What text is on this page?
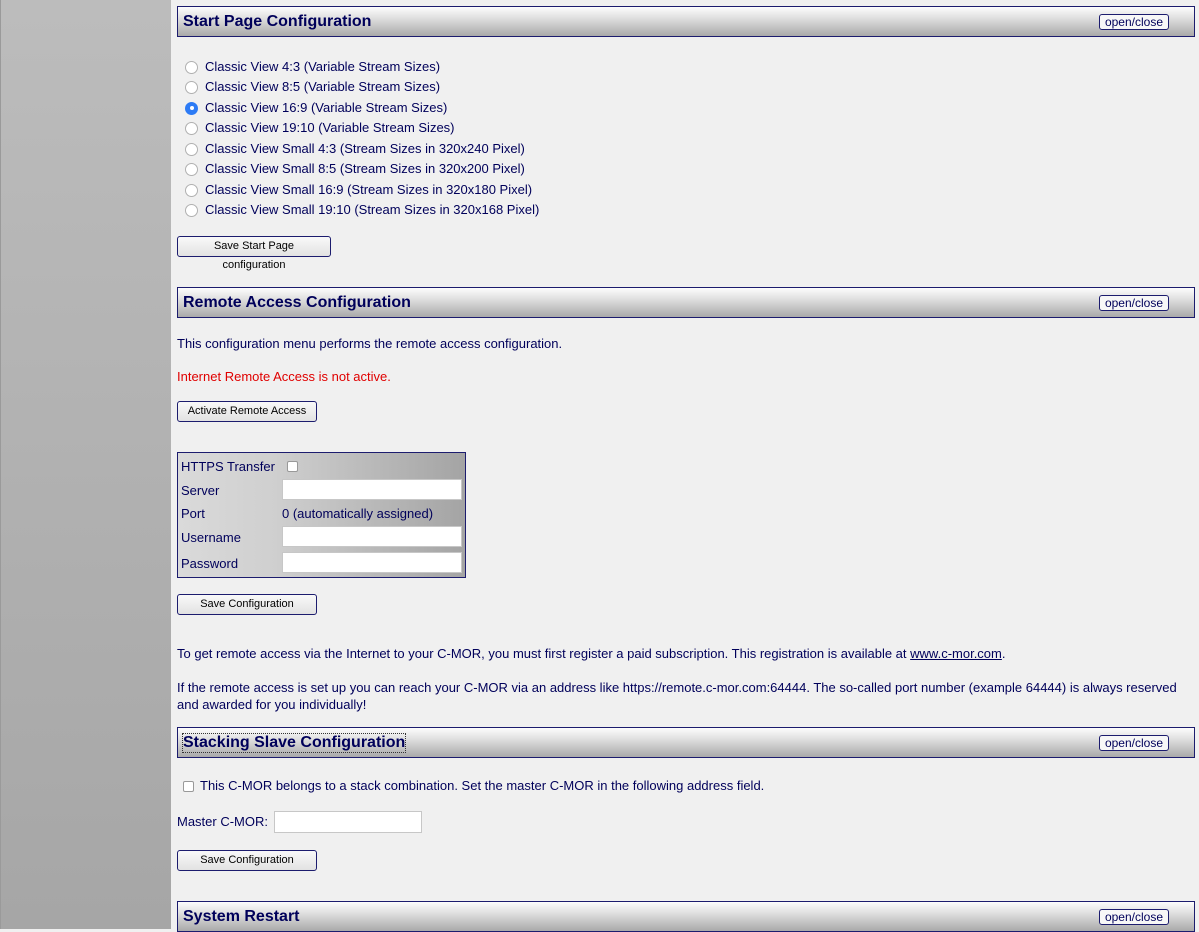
Start Page Configuration	open/close
Classic View 4:3 (Variable Stream Sizes)
Classic View 8:5 (Variable Stream Sizes)
Classic View 16:9 (Variable Stream Sizes)
Classic View 19:10 (Variable Stream Sizes)
Classic View Small 4:3 (Stream Sizes in 320x240 Pixel)
Classic View Small 8:5 (Stream Sizes in 320x200 Pixel)
Classic View Small 16:9 (Stream Sizes in 320x180 Pixel)
Classic View Small 19:10 (Stream Sizes in 320x168 Pixel)
Save Start Page configuration
Remote Access Configuration	open/close
This configuration menu performs the remote access configuration.
Internet Remote Access is not active.
Activate Remote Access
HTTPS Transfer
Server
Port	0 (automatically assigned)
Username
Password
Save Configuration
To get remote access via the Internet to your C-MOR, you must first register a paid subscription. This registration is available at www.c-mor.com.
If the remote access is set up you can reach your C-MOR via an address like https://remote.c-mor.com:64444. The so-called port number (example 64444) is always reserved and awarded for you individually!
Stacking Slave Configuration	open/close
This C-MOR belongs to a stack combination. Set the master C-MOR in the following address field.
Master C-MOR:
Save Configuration
System Restart	open/close
